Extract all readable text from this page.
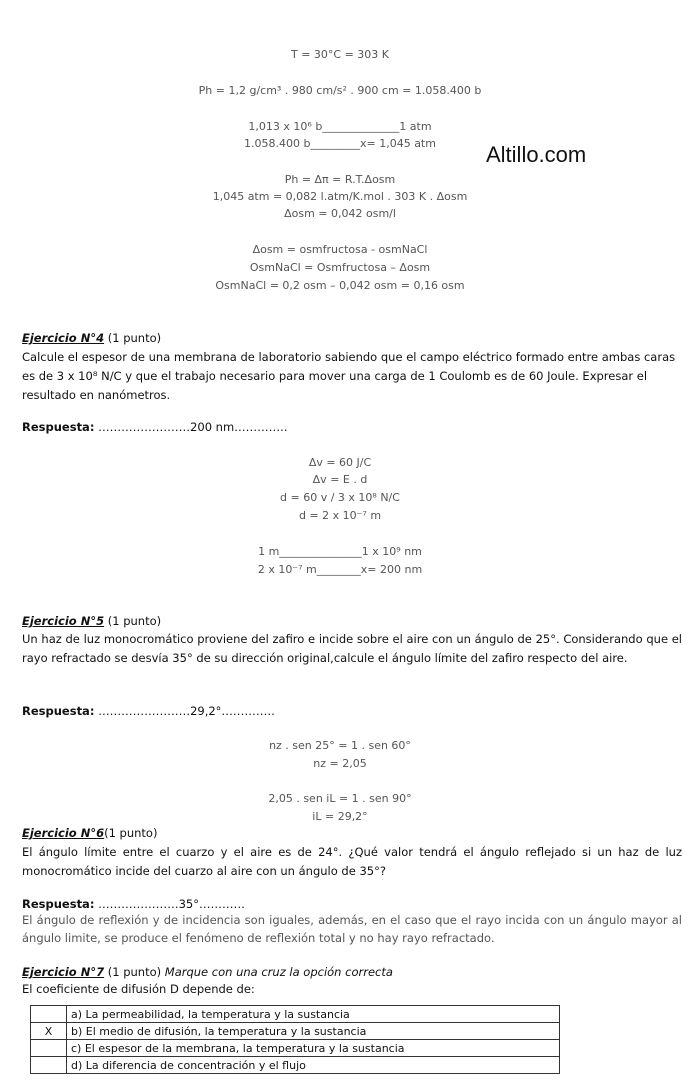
Altillo.com
T = 30°C = 303 K
Ph = 1,2 g/cm³ . 980 cm/s² . 900 cm = 1.058.400 b
1,013 x 10⁶ b______________1 atm
1.058.400 b_________x= 1,045 atm
Ph = Δπ = R.T.Δosm
1,045 atm = 0,082 l.atm/K.mol . 303 K . Δosm
Δosm = 0,042 osm/l
Δosm = osmfructosa - osmNaCl
OsmNaCl = Osmfructosa – Δosm
OsmNaCl = 0,2 osm – 0,042 osm = 0,16 osm
Ejercicio N°4 (1 punto)
Calcule el espesor de una membrana de laboratorio sabiendo que el campo eléctrico formado entre ambas caras es de 3 x 10⁸ N/C y que el trabajo necesario para mover una carga de 1 Coulomb es de 60 Joule. Expresar el resultado en nanómetros.
Respuesta: ……………………200 nm…………..
Δv = 60 J/C
Δv = E . d
d = 60 v / 3 x 10⁸ N/C
d = 2 x 10⁻⁷ m
1 m_______________1 x 10⁹ nm
2 x 10⁻⁷ m________x= 200 nm
Ejercicio N°5 (1 punto)
Un haz de luz monocromático proviene del zafiro e incide sobre el aire con un ángulo de 25°. Considerando que el rayo refractado se desvía 35° de su dirección original,calcule el ángulo límite del zafiro respecto del aire.
Respuesta: ……………………29,2°…………..
nz . sen 25° = 1 . sen 60°
nz = 2,05
2,05 . sen iL = 1 . sen 90°
iL = 29,2°
Ejercicio N°6(1 punto)
El ángulo límite entre el cuarzo y el aire es de 24°. ¿Qué valor tendrá el ángulo reflejado si un haz de luz monocromático incide del cuarzo al aire con un ángulo de 35°?
Respuesta: …………………35°…………
El ángulo de reflexión y de incidencia son iguales, además, en el caso que el rayo incida con un ángulo mayor al ángulo limite, se produce el fenómeno de reflexión total y no hay rayo refractado.
Ejercicio N°7 (1 punto) Marque con una cruz la opción correcta
El coeficiente de difusión D depende de:
	a) La permeabilidad, la temperatura y la sustancia
X	b) El medio de difusión, la temperatura y la sustancia
	c) El espesor de la membrana, la temperatura y la sustancia
	d) La diferencia de concentración y el flujo
